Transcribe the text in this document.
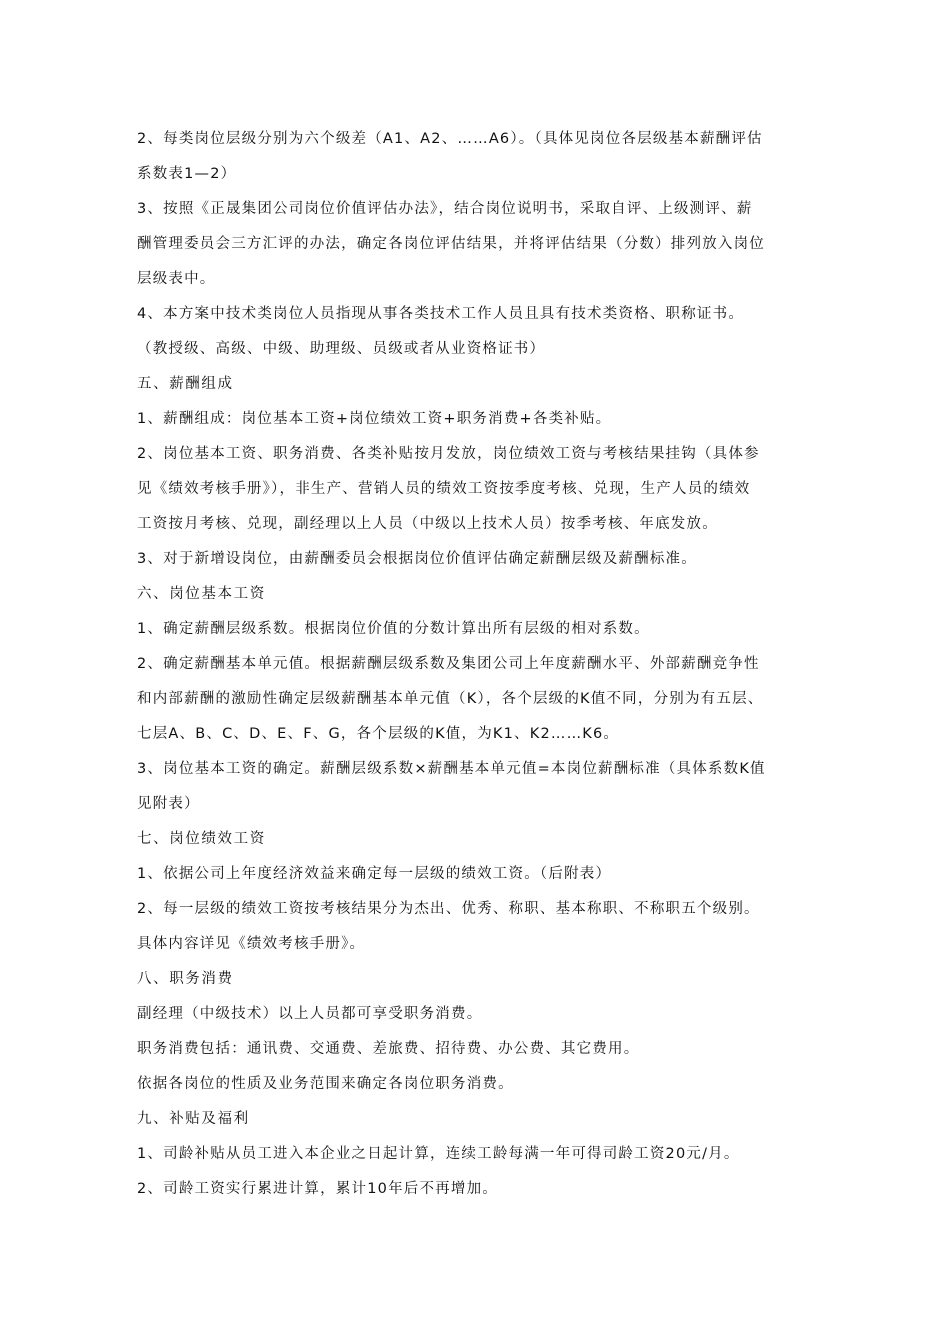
2、每类岗位层级分别为六个级差（A1、A2、……A6）。（具体见岗位各层级基本薪酬评估
系数表1—2）
3、按照《正晟集团公司岗位价值评估办法》，结合岗位说明书，采取自评、上级测评、薪
酬管理委员会三方汇评的办法，确定各岗位评估结果，并将评估结果（分数）排列放入岗位
层级表中。
4、本方案中技术类岗位人员指现从事各类技术工作人员且具有技术类资格、职称证书。
（教授级、高级、中级、助理级、员级或者从业资格证书）
五、薪酬组成
1、薪酬组成：岗位基本工资+岗位绩效工资+职务消费+各类补贴。
2、岗位基本工资、职务消费、各类补贴按月发放，岗位绩效工资与考核结果挂钩（具体参
见《绩效考核手册》），非生产、营销人员的绩效工资按季度考核、兑现，生产人员的绩效
工资按月考核、兑现，副经理以上人员（中级以上技术人员）按季考核、年底发放。
3、对于新增设岗位，由薪酬委员会根据岗位价值评估确定薪酬层级及薪酬标准。
六、岗位基本工资
1、确定薪酬层级系数。根据岗位价值的分数计算出所有层级的相对系数。
2、确定薪酬基本单元值。根据薪酬层级系数及集团公司上年度薪酬水平、外部薪酬竞争性
和内部薪酬的激励性确定层级薪酬基本单元值（K），各个层级的K值不同，分别为有五层、
七层A、B、C、D、E、F、G，各个层级的K值，为K1、K2……K6。
3、岗位基本工资的确定。薪酬层级系数×薪酬基本单元值=本岗位薪酬标准（具体系数K值
见附表）
七、岗位绩效工资
1、依据公司上年度经济效益来确定每一层级的绩效工资。（后附表）
2、每一层级的绩效工资按考核结果分为杰出、优秀、称职、基本称职、不称职五个级别。
具体内容详见《绩效考核手册》。
八、职务消费
副经理（中级技术）以上人员都可享受职务消费。
职务消费包括：通讯费、交通费、差旅费、招待费、办公费、其它费用。
依据各岗位的性质及业务范围来确定各岗位职务消费。
九、补贴及福利
1、司龄补贴从员工进入本企业之日起计算，连续工龄每满一年可得司龄工资20元/月。
2、司龄工资实行累进计算，累计10年后不再增加。
